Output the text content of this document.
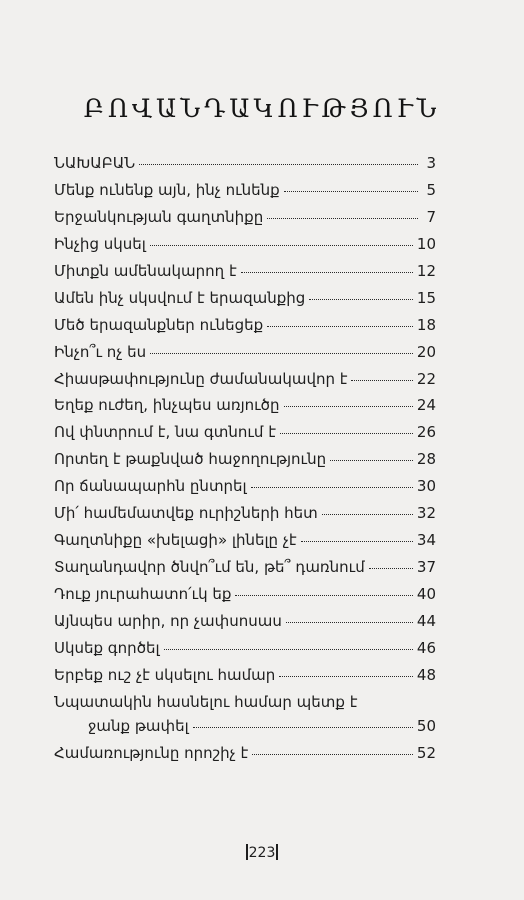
ԲՈՎԱՆԴԱԿՈՒԹՅՈՒՆ
ՆԱԽԱԲԱՆ	3
Մենք ունենք այն, ինչ ունենք	5
Երջանկության գաղտնիքը	7
Ինչից սկսել	10
Միտքն ամենակարող է	12
Ամեն ինչ սկսվում է երազանքից	15
Մեծ երազանքներ ունեցեք	18
Ինչո՞ւ ոչ ես	20
Հիասթափությունը ժամանակավոր է	22
Եղեք ուժեղ, ինչպես առյուծը	24
Ով փնտրում է, նա գտնում է	26
Որտեղ է թաքնված հաջողությունը	28
Որ ճանապարհն ընտրել	30
Մի՛ համեմատվեք ուրիշների հետ	32
Գաղտնիքը «խելացի» լինելը չէ	34
Տաղանդավոր ծնվո՞ւմ են, թե՞ դառնում	37
Դուք յուրահատո՛ւկ եք	40
Այնպես արիր, որ չափսոսաս	44
Սկսեք գործել	46
Երբեք ուշ չէ սկսելու համար	48
Նպատակին հասնելու համար պետք է
ջանք թափել	50
Համառությունը որոշիչ է	52
223
